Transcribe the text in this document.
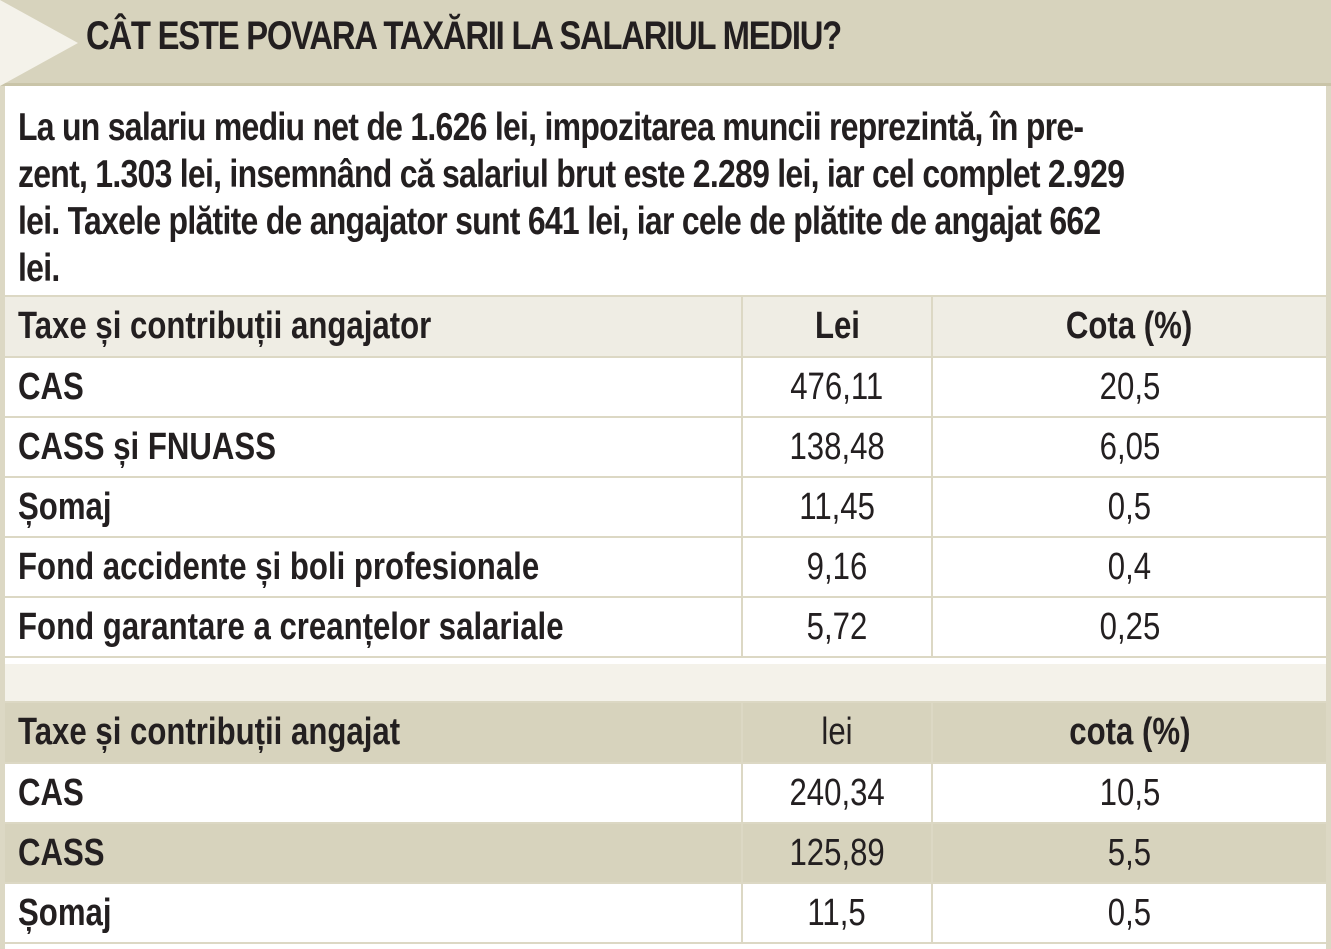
CÂT ESTE POVARA TAXĂRII LA SALARIUL MEDIU?
La un salariu mediu net de 1.626 lei, impozitarea muncii reprezintă, în pre-zent, 1.303 lei, insemnând că salariul brut este 2.289 lei, iar cel complet 2.929 lei. Taxele plătite de angajator sunt 641 lei, iar cele de plătite de angajat 662 lei.
Taxe și contribuții angajator	Lei	Cota (%)
CAS	476,11	20,5
CASS și FNUASS	138,48	6,05
Șomaj	11,45	0,5
Fond accidente și boli profesionale	9,16	0,4
Fond garantare a creanțelor salariale	5,72	0,25
Taxe și contribuții angajat	lei	cota (%)
CAS	240,34	10,5
CASS	125,89	5,5
Șomaj	11,5	0,5
